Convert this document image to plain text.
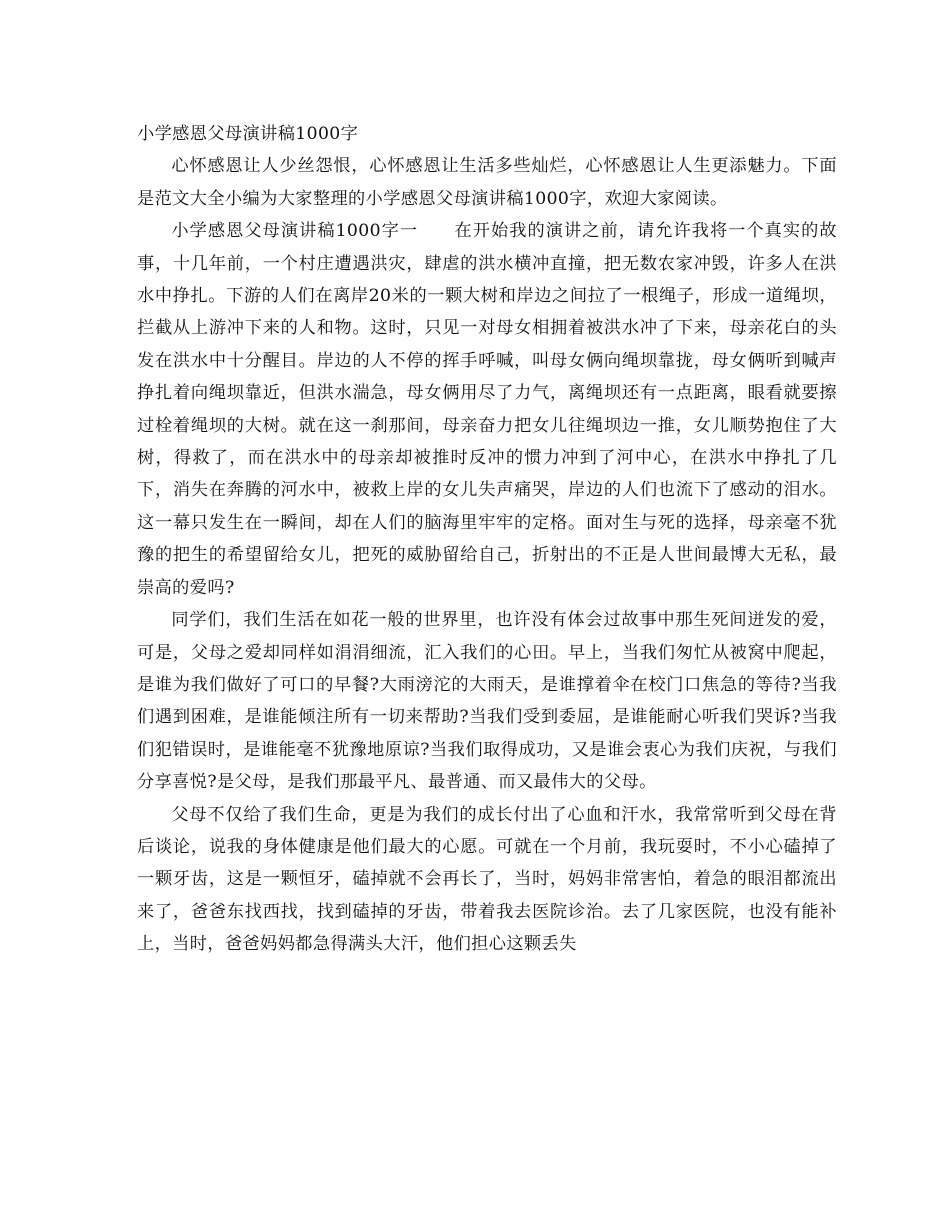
小学感恩父母演讲稿1000字

心怀感恩让人少丝怨恨，心怀感恩让生活多些灿烂，心怀感恩让人生更添魅力。下面是范文大全小编为大家整理的小学感恩父母演讲稿1000字，欢迎大家阅读。

小学感恩父母演讲稿1000字一　　在开始我的演讲之前，请允许我将一个真实的故事，十几年前，一个村庄遭遇洪灾，肆虐的洪水横冲直撞，把无数农家冲毁，许多人在洪水中挣扎。下游的人们在离岸20米的一颗大树和岸边之间拉了一根绳子，形成一道绳坝，拦截从上游冲下来的人和物。这时，只见一对母女相拥着被洪水冲了下来，母亲花白的头发在洪水中十分醒目。岸边的人不停的挥手呼喊，叫母女俩向绳坝靠拢，母女俩听到喊声挣扎着向绳坝靠近，但洪水湍急，母女俩用尽了力气，离绳坝还有一点距离，眼看就要擦过栓着绳坝的大树。就在这一刹那间，母亲奋力把女儿往绳坝边一推，女儿顺势抱住了大树，得救了，而在洪水中的母亲却被推时反冲的惯力冲到了河中心，在洪水中挣扎了几下，消失在奔腾的河水中，被救上岸的女儿失声痛哭，岸边的人们也流下了感动的泪水。这一幕只发生在一瞬间，却在人们的脑海里牢牢的定格。面对生与死的选择，母亲毫不犹豫的把生的希望留给女儿，把死的威胁留给自己，折射出的不正是人世间最博大无私，最崇高的爱吗?

同学们，我们生活在如花一般的世界里，也许没有体会过故事中那生死间迸发的爱，可是，父母之爱却同样如涓涓细流，汇入我们的心田。早上，当我们匆忙从被窝中爬起，是谁为我们做好了可口的早餐?大雨滂沱的大雨天，是谁撑着伞在校门口焦急的等待?当我们遇到困难，是谁能倾注所有一切来帮助?当我们受到委屈，是谁能耐心听我们哭诉?当我们犯错误时，是谁能毫不犹豫地原谅?当我们取得成功，又是谁会衷心为我们庆祝，与我们分享喜悦?是父母，是我们那最平凡、最普通、而又最伟大的父母。

父母不仅给了我们生命，更是为我们的成长付出了心血和汗水，我常常听到父母在背后谈论，说我的身体健康是他们最大的心愿。可就在一个月前，我玩耍时，不小心磕掉了一颗牙齿，这是一颗恒牙，磕掉就不会再长了，当时，妈妈非常害怕，着急的眼泪都流出来了，爸爸东找西找，找到磕掉的牙齿，带着我去医院诊治。去了几家医院，也没有能补上，当时，爸爸妈妈都急得满头大汗，他们担心这颗丢失
